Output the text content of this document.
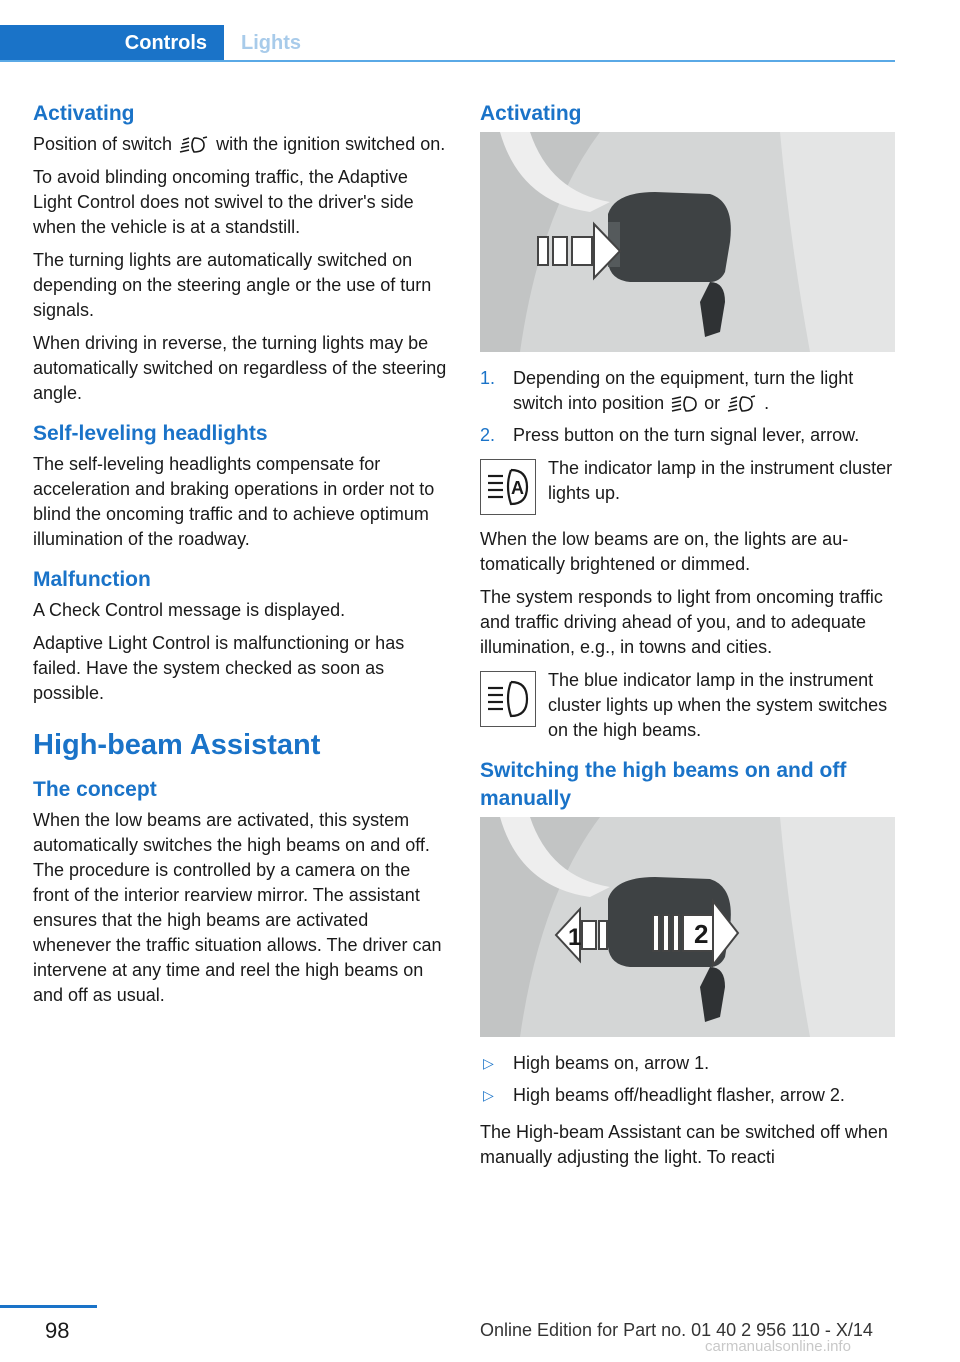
Controls Lights
Activating

Position of switch with the ignition switched on.

To avoid blinding oncoming traffic, the Adaptive Light Control does not swivel to the driver's side when the vehicle is at a standstill.

The turning lights are automatically switched on depending on the steering angle or the use of turn signals.

When driving in reverse, the turning lights may be automatically switched on regardless of the steering angle.

Self-leveling headlights

The self-leveling headlights compensate for acceleration and braking operations in order not to blind the oncoming traffic and to achieve optimum illumination of the roadway.

Malfunction

A Check Control message is displayed.

Adaptive Light Control is malfunctioning or has failed. Have the system checked as soon as possible.

High-beam Assistant
The concept

When the low beams are activated, this system automatically switches the high beams on and off. The procedure is controlled by a camera on the front of the interior rearview mirror. The assistant ensures that the high beams are activated whenever the traffic situation allows. The driver can intervene at any time and reel the high beams on and off as usual.

Activating
1. Depending on the equipment, turn the light switch into position or .
2. Press button on the turn signal lever, arrow.
A

The indicator lamp in the instrument cluster lights up.

When the low beams are on, the lights are automatically brightened or dimmed.

The system responds to light from oncoming traffic and traffic driving ahead of you, and to adequate illumination, e.g., in towns and cities.

The blue indicator lamp in the instrument cluster lights up when the system switches on the high beams.

Switching the high beams on and off manually
1	2
▷ High beams on, arrow 1.
▷ High beams off/headlight flasher, arrow 2.

The High-beam Assistant can be switched off when manually adjusting the light. To reacti

98	Online Edition for Part no. 01 40 2 956 110 - X/14
carmanualsonline.info
